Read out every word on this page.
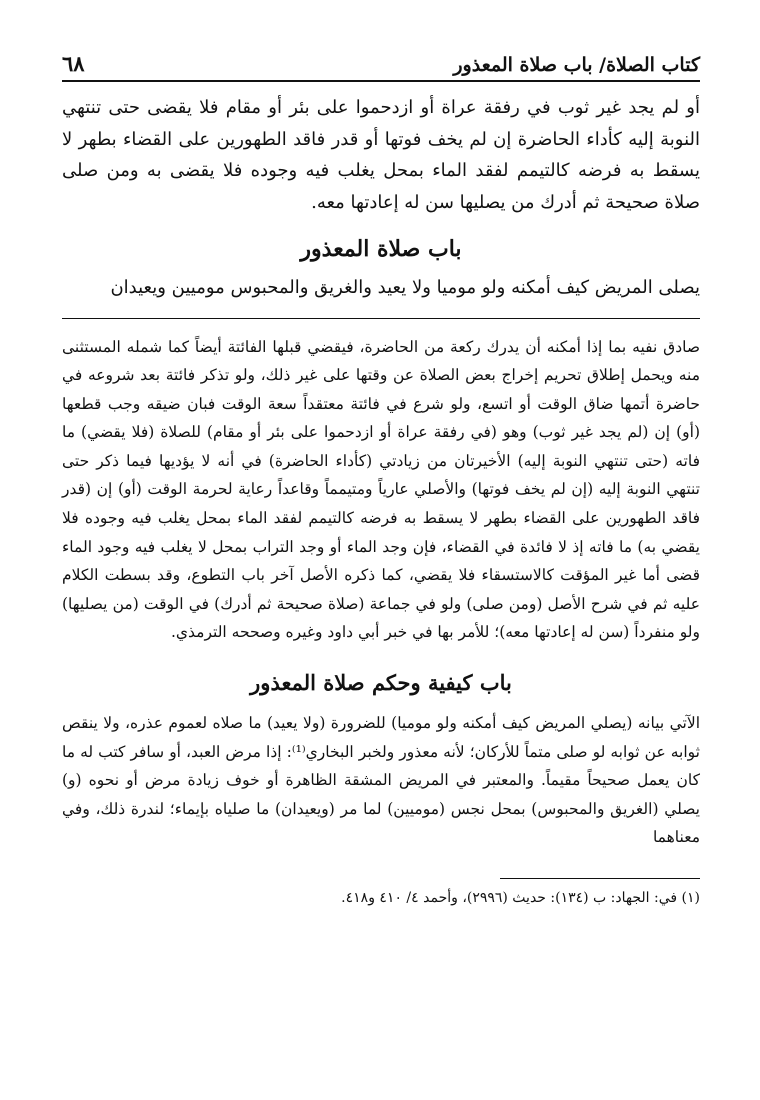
كتاب الصلاة/ باب صلاة المعذور
٦٨

أو لم يجد غير ثوب في رفقة عراة أو ازدحموا على بئر أو مقام فلا يقضى حتى تنتهي النوبة إليه كأداء الحاضرة إن لم يخف فوتها أو قدر فاقد الطهورين على القضاء بطهر لا يسقط به فرضه كالتيمم لفقد الماء بمحل يغلب فيه وجوده فلا يقضى به ومن صلى صلاة صحيحة ثم أدرك من يصليها سن له إعادتها معه.

باب صلاة المعذور

يصلى المريض كيف أمكنه ولو موميا ولا يعيد والغريق والمحبوس موميين ويعيدان

صادق نفيه بما إذا أمكنه أن يدرك ركعة من الحاضرة، فيقضي قبلها الفائتة أيضاً كما شمله المستثنى منه ويحمل إطلاق تحريم إخراج بعض الصلاة عن وقتها على غير ذلك، ولو تذكر فائتة بعد شروعه في حاضرة أتمها ضاق الوقت أو اتسع، ولو شرع في فائتة معتقداً سعة الوقت فبان ضيقه وجب قطعها (أو) إن (لم يجد غير ثوب) وهو (في رفقة عراة أو ازدحموا على بئر أو مقام) للصلاة (فلا يقضي) ما فاته (حتى تنتهي النوبة إليه) الأخيرتان من زيادتي (كأداء الحاضرة) في أنه لا يؤديها فيما ذكر حتى تنتهي النوبة إليه (إن لم يخف فوتها) والأصلي عارياً ومتيمماً وقاعداً رعاية لحرمة الوقت (أو) إن (قدر فاقد الطهورين على القضاء بطهر لا يسقط به فرضه كالتيمم لفقد الماء بمحل يغلب فيه وجوده فلا يقضي به) ما فاته إذ لا فائدة في القضاء، فإن وجد الماء أو وجد التراب بمحل لا يغلب فيه وجود الماء قضى أما غير المؤقت كالاستسقاء فلا يقضي، كما ذكره الأصل آخر باب التطوع، وقد بسطت الكلام عليه ثم في شرح الأصل (ومن صلى) ولو في جماعة (صلاة صحيحة ثم أدرك) في الوقت (من يصليها) ولو منفرداً (سن له إعادتها معه)؛ للأمر بها في خبر أبي داود وغيره وصححه الترمذي.

باب كيفية وحكم صلاة المعذور

الآتي بيانه (يصلي المريض كيف أمكنه ولو موميا) للضرورة (ولا يعيد) ما صلاه لعموم عذره، ولا ينقص ثوابه عن ثوابه لو صلى متماً للأركان؛ لأنه معذور ولخبر البخاري⁽¹⁾: إذا مرض العبد، أو سافر كتب له ما كان يعمل صحيحاً مقيماً. والمعتبر في المريض المشقة الظاهرة أو خوف زيادة مرض أو نحوه (و) يصلي (الغريق والمحبوس) بمحل نجس (موميين) لما مر (ويعيدان) ما صلياه بإيماء؛ لندرة ذلك، وفي معناهما

(١) في: الجهاد: ب (١٣٤): حديث (٢٩٩٦)، وأحمد ٤/ ٤١٠ و٤١٨.
